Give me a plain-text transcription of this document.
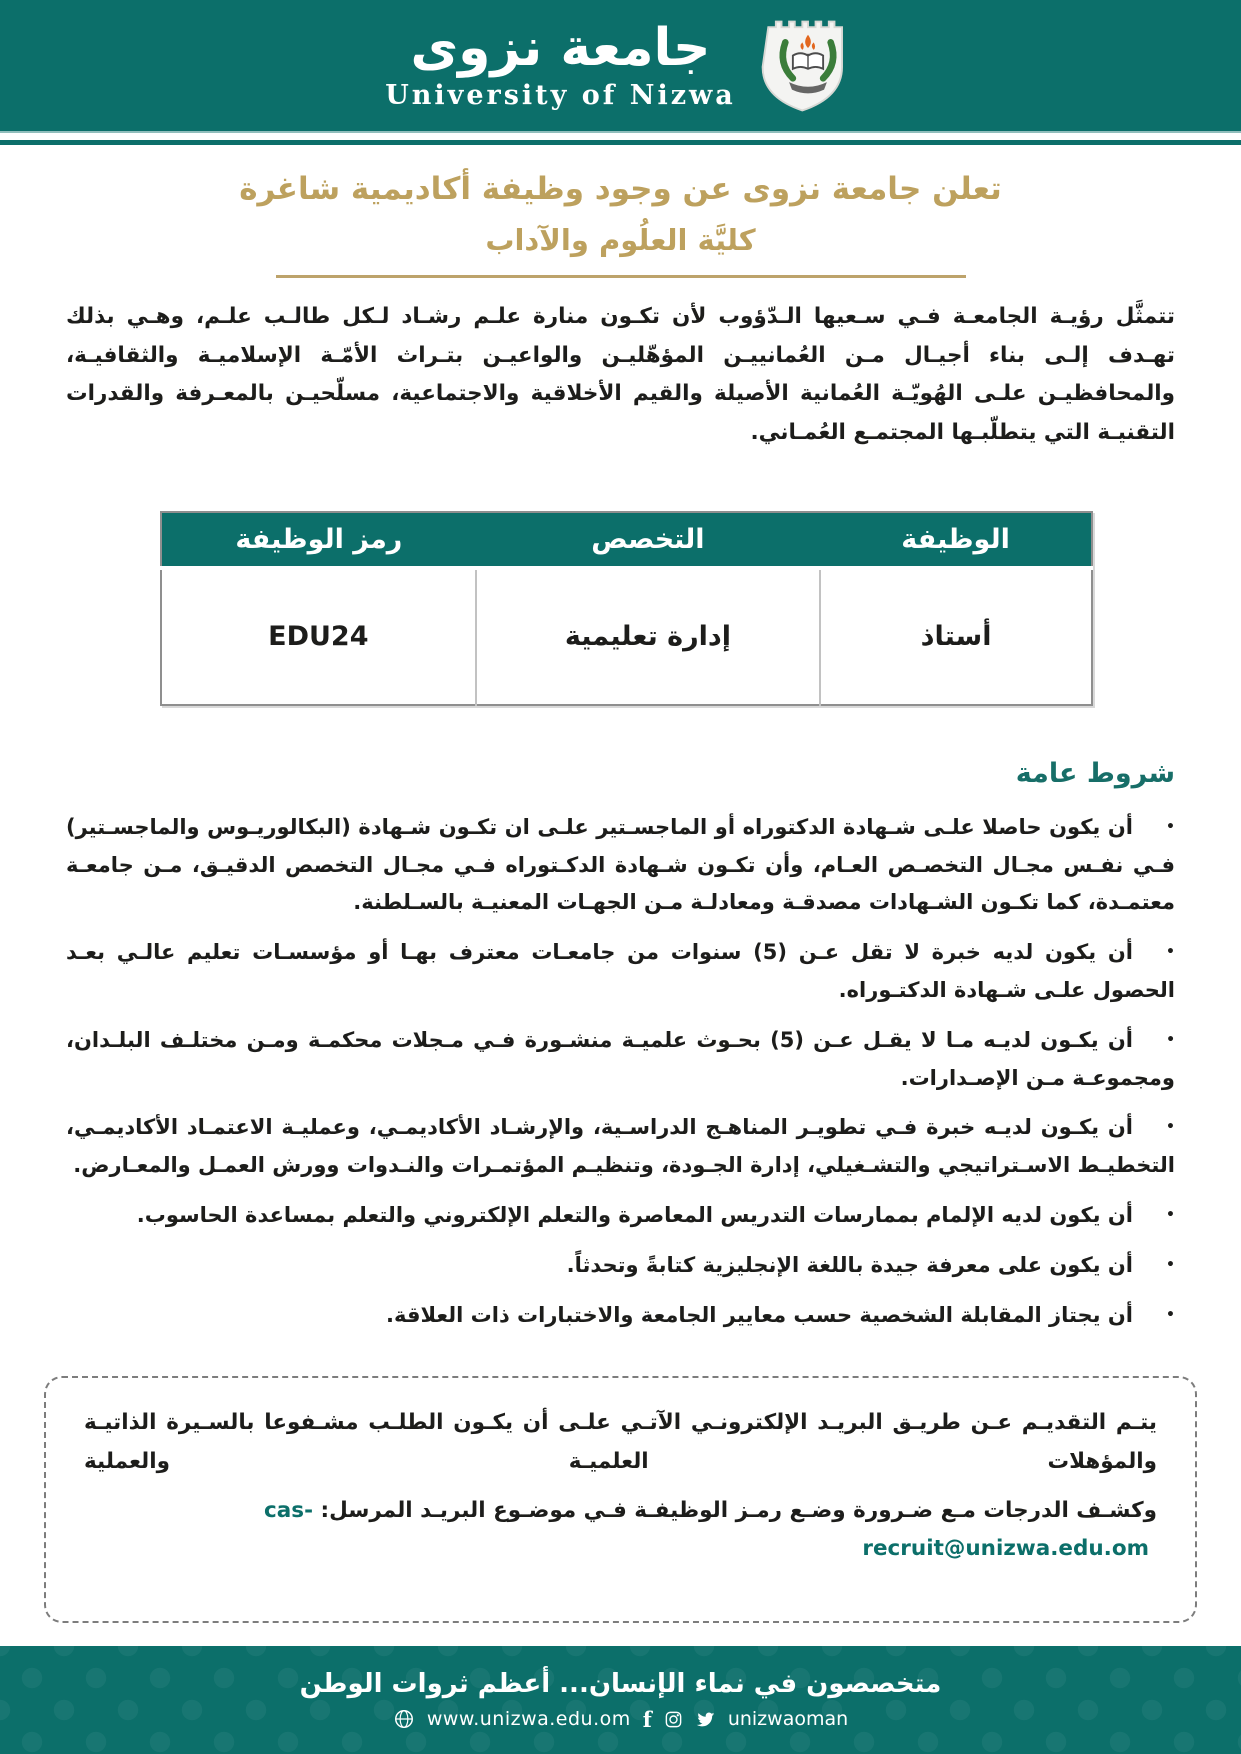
جامعة نزوى
University of Nizwa
تعلن جامعة نزوى عن وجود وظيفة أكاديمية شاغرة
كليَّة العلُوم والآداب

تتمثَّل رؤيـة الجامعـة فـي سـعيها الـدّؤوب لأن تكـون منارة علـم رشـاد لـكل طالـب علـم، وهـي بذلك تهـدف إلـى بناء أجيـال مـن العُمانييـن المؤهّليـن والواعيـن بتـراث الأمّـة الإسلاميـة والثقافيـة، والمحافظيـن علـى الهُويّـة العُمانية الأصيلة والقيم الأخلاقية والاجتماعية، مسلّحيـن بالمعـرفة والقدرات التقنيـة التي يتطلّبـها المجتمـع العُمـاني.

الوظيفة	التخصص	رمز الوظيفة
أستاذ	إدارة تعليمية	EDU24
شروط عامة
• أن يكون حاصلا علـى شـهادة الدكتوراه أو الماجسـتير علـى ان تكـون شـهادة (البكالوريـوس والماجسـتير) فـي نفـس مجـال التخصـص العـام، وأن تكـون شـهادة الدكـتوراه فـي مجـال التخصص الدقيـق، مـن جامعـة معتمـدة، كما تكـون الشـهادات مصدقـة ومعادلـة مـن الجهـات المعنيـة بالسـلطنة.
• أن يكون لديه خبرة لا تقل عـن (5) سنوات من جامعـات معترف بهـا أو مؤسسـات تعليم عالـي بعـد الحصول علـى شـهادة الدكتـوراه.
• أن يكـون لديـه مـا لا يقـل عـن (5) بحـوث علميـة منشـورة فـي مـجلات محكمـة ومـن مختلـف البلـدان، ومجموعـة مـن الإصـدارات.
• أن يكـون لديـه خبرة فـي تطويـر المناهـج الدراسـية، والإرشـاد الأكاديمـي، وعمليـة الاعتمـاد الأكاديمـي، التخطيـط الاسـتراتيجي والتشـغيلي، إدارة الجـودة، وتنظيـم المؤتمـرات والنـدوات وورش العمـل والمعـارض.
• أن يكون لديه الإلمام بممارسات التدريس المعاصرة والتعلم الإلكتروني والتعلم بمساعدة الحاسوب.
• أن يكون على معرفة جيدة باللغة الإنجليزية كتابةً وتحدثاً.
• أن يجتاز المقابلة الشخصية حسب معايير الجامعة والاختبارات ذات العلاقة.
يتـم التقديـم عـن طريـق البريـد الإلكترونـي الآتـي علـى أن يكـون الطلـب مشـفوعا بالسـيرة الذاتيـة والمؤهلات العلميـة والعملية
وكشـف الدرجات مـع ضـرورة وضـع رمـز الوظيفـة فـي موضـوع البريـد المرسل: cas-recruit@unizwa.edu.om
متخصصون في نماء الإنسان... أعظم ثروات الوطن
www.unizwa.edu.om f	unizwaoman
